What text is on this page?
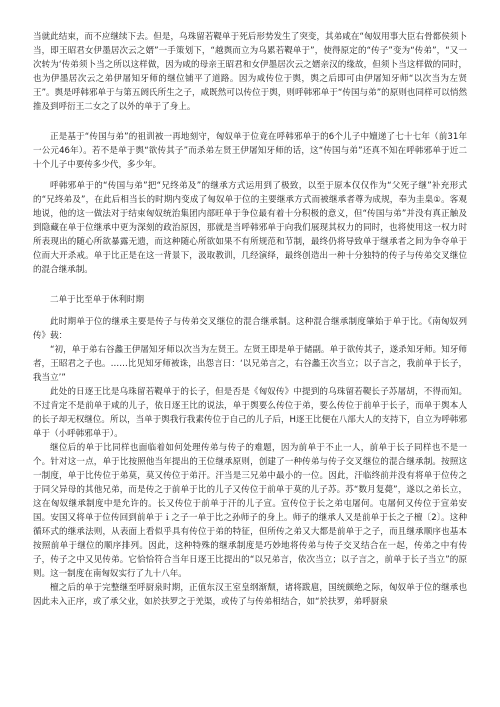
当就此结束，而不应继续下去。但是，乌珠留若鞮单于死后形势发生了突变，其弟咸在“匈奴用事大臣右骨都侯须卜当，即王昭君女伊墨居次云之婿”一手策划下，“越舆而立为乌累若鞮单于”，使得原定的“传子”变为“传弟”，“又一次转为‘传弟须卜当之所以这样做，因为咸的母亲王昭君和女伊墨居次云之婿亲汉的缘故，但须卜当这样做的同时，也为伊墨居次云之弟伊屠知牙师的继位铺平了道路。因为咸传位于舆，舆之后即可由伊屠知牙师“以次当为左贤王”。舆是呼韩邪单于与第五阏氏所生之子，咸既然可以传位于舆，则呼韩邪单于“传国与弟”的原则也同样可以悄然推及到呼衍王二女之了以外的单于了身上。

正是基于“传国与弟”的祖训被一再地刻守，匈奴单于位竟在呼韩邪单于的6个儿子中嬗递了七十七年（前31年一公元46年）。若不是单于舆“欲传其子”而杀弟左贤王伊屠知牙师的话，这“传国与弟”还真不知在呼韩邪单于近二十个儿子中要传多少代，多少年。

呼韩邪单于的“传国与弟”把“兄终弟及”的继承方式运用到了极致，以至于原本仅仅作为“父死子继”补充形式的“兄终弟及”，在此后相当长的时期内变成了匈奴单于位的主要继承方式而被继承者尊为成规，奉为圭臬①。客观地说，他的这一做法对于结束匈奴统治集团内部旺单于争位最有着十分积极的意义，但“传国与弟”并没有真正触及到隐藏在单于位继承中更为深刻的政治原因，那就是当呼韩邪单于向我们展现其权力的同时，也将使用这一权力时所表现出的随心所欲暴露无遗，而这种随心所欲如果不有所规范和节制，最终仍将导致单于继承者之间为争夺单于位而大开杀戒。单于比正是在这一背景下，汲取教训，几经演绎，最终创造出一种十分独特的传子与传弟交叉继位的混合继承制。

二单于比至单于休利时期

此时期单于位的继承主要是传子与传弟交叉继位的混合继承制。这种混合继承制度肇始于单于比。《南匈奴列传》载：

“初，单于弟右谷蠡王伊屠知牙师以次当为左贤王。左贤王即是单于储副。单于欲传其子，遂杀知牙师。知牙师者，王昭君之子也。……比见知牙师被诛，出怨言曰：‘以兄弟言之，右谷蠡王次当立；以子言之，我前单于长子，我当立’”

此处的日逐王比是乌珠留若鞮单于的长子，但是否是《匈奴传》中提到的乌珠留若鞮长子苏屠胡，不得而知。不过肯定不是前单于咸的儿子，依日逐王比的说法，单于舆要么传位于弟，要么传位于前单于长子，而单于舆本人的长子却无权继位。所以，当单于舆我行我素传位于自己的儿子后，H逐王比便在八部大人的支持下，自立为呼韩邪单于（小呼韩邪单于）。

继位后的单于比同样也面临着如何处理传弟与传子的难题，因为前单于不止一人，前单于长子同样也不是一个。针对这一点，单于比按照他当年提出的王位继承原则，创建了一种传弟与传子交叉继位的混合继承制。按照这一制度，单于比传位于弟莫，莫又传位于弟汗。汗当是三兄弟中最小的一位。因此，汗临终前并没有将单于位传之于同父异母的其他兄弟，而是传之于前单于比的儿子又传位于前单于莫的儿子苏。苏“数月复薨”，遂以之弟长立，这在匈奴继承制度中是允许的。长又传位于前单于汗的儿子宣。宣传位于长之弟屯屠何。屯屠何又传位于宣弟安国。安国又将单于位传回到前单于ｉ之子一单于比之孙师子的身上。师子的继承人又是前单于长之子檀〔2〕。这种循环式的继承法则，从表面上看似乎具有传位于弟的特征，但所传之弟又大都是前单于之子，而且继承顺序也基本按照前单于继位的顺序排列。因此，这种特殊的继承制度是巧妙地将传弟与传子交叉结合在一起，传弟之中有传子，传子之中又见传弟。它恰恰符合当年日逐王比提出的“以兄弟言，依次当立；以子言之，前单于长子当立”的原则。这一制度在南匈奴实行了九十八年。

檀之后的单于完整继至呼厨泉时期，正值东汉王室皇纲渐颓，诸将跋扈，国统颇绝之际，匈奴单于位的继承也因此未入正序，或了承父业，如於扶罗之于羌渠，或传了与传弟相结合，如“於扶罗，弟呼厨泉
